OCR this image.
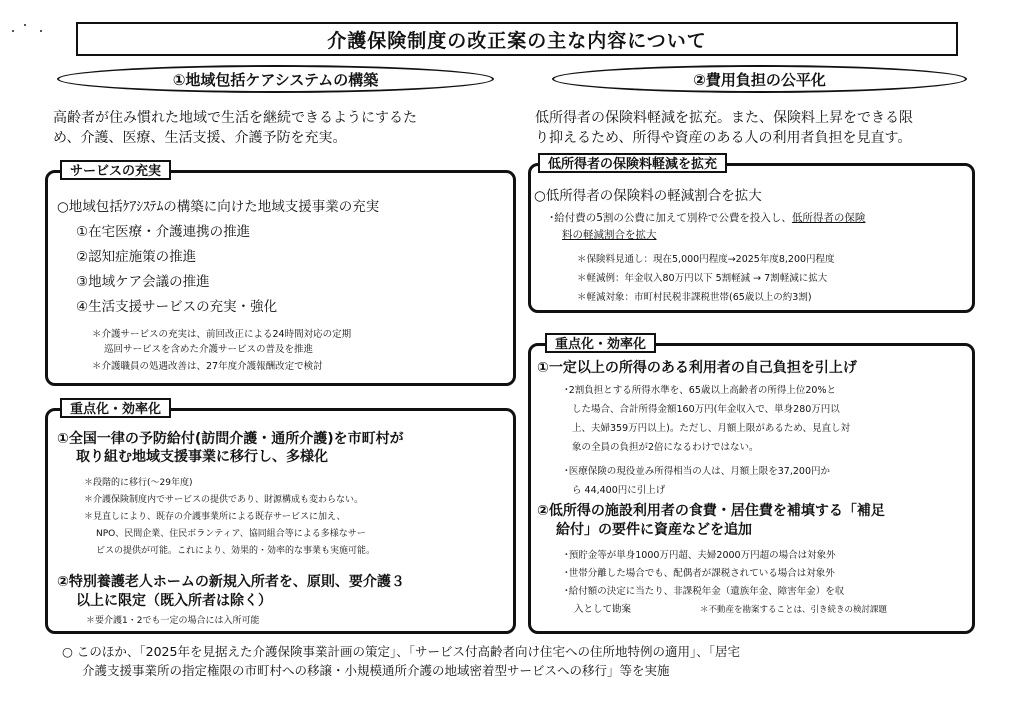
介護保険制度の改正案の主な内容について
①地域包括ケアシステムの構築
高齢者が住み慣れた地域で生活を継続できるようにするた
め、介護、医療、生活支援、介護予防を充実。
サービスの充実
○地域包括ｹｱｼｽﾃﾑの構築に向けた地域支援事業の充実
①在宅医療・介護連携の推進
②認知症施策の推進
③地域ケア会議の推進
④生活支援サービスの充実・強化
＊介護サービスの充実は、前回改正による24時間対応の定期
巡回サービスを含めた介護サービスの普及を推進
＊介護職員の処遇改善は、27年度介護報酬改定で検討
重点化・効率化
①全国一律の予防給付(訪問介護・通所介護)を市町村が
取り組む地域支援事業に移行し、多様化
＊段階的に移行(～29年度)
＊介護保険制度内でサービスの提供であり、財源構成も変わらない。
＊見直しにより、既存の介護事業所による既存サービスに加え、
NPO、民間企業、住民ボランティア、協同組合等による多様なサー
ビスの提供が可能。これにより、効果的・効率的な事業も実施可能。
②特別養護老人ホームの新規入所者を、原則、要介護３
以上に限定（既入所者は除く）
＊要介護1・2でも一定の場合には入所可能
②費用負担の公平化
低所得者の保険料軽減を拡充。また、保険料上昇をできる限
り抑えるため、所得や資産のある人の利用者負担を見直す。
低所得者の保険料軽減を拡充
○低所得者の保険料の軽減割合を拡大
･給付費の5割の公費に加えて別枠で公費を投入し、低所得者の保険
料の軽減割合を拡大
＊保険料見通し：現在5,000円程度→2025年度8,200円程度
＊軽減例：年金収入80万円以下 5割軽減 → 7割軽減に拡大
＊軽減対象：市町村民税非課税世帯(65歳以上の約3割)
重点化・効率化
①一定以上の所得のある利用者の自己負担を引上げ
･2割負担とする所得水準を、65歳以上高齢者の所得上位20%と
した場合、合計所得金額160万円(年金収入で、単身280万円以
上、夫婦359万円以上)。ただし、月額上限があるため、見直し対
象の全員の負担が2倍になるわけではない。
･医療保険の現役並み所得相当の人は、月額上限を37,200円か
ら 44,400円に引上げ
②低所得の施設利用者の食費・居住費を補填する「補足
給付」の要件に資産などを追加
･預貯金等が単身1000万円超、夫婦2000万円超の場合は対象外
･世帯分離した場合でも、配偶者が課税されている場合は対象外
･給付額の決定に当たり、非課税年金（遺族年金、障害年金）を収
入として勘案	＊不動産を勘案することは、引き続きの検討課題
○ このほか、「2025年を見据えた介護保険事業計画の策定」、「サービス付高齢者向け住宅への住所地特例の適用」、「居宅
介護支援事業所の指定権限の市町村への移譲・小規模通所介護の地域密着型サービスへの移行」等を実施
